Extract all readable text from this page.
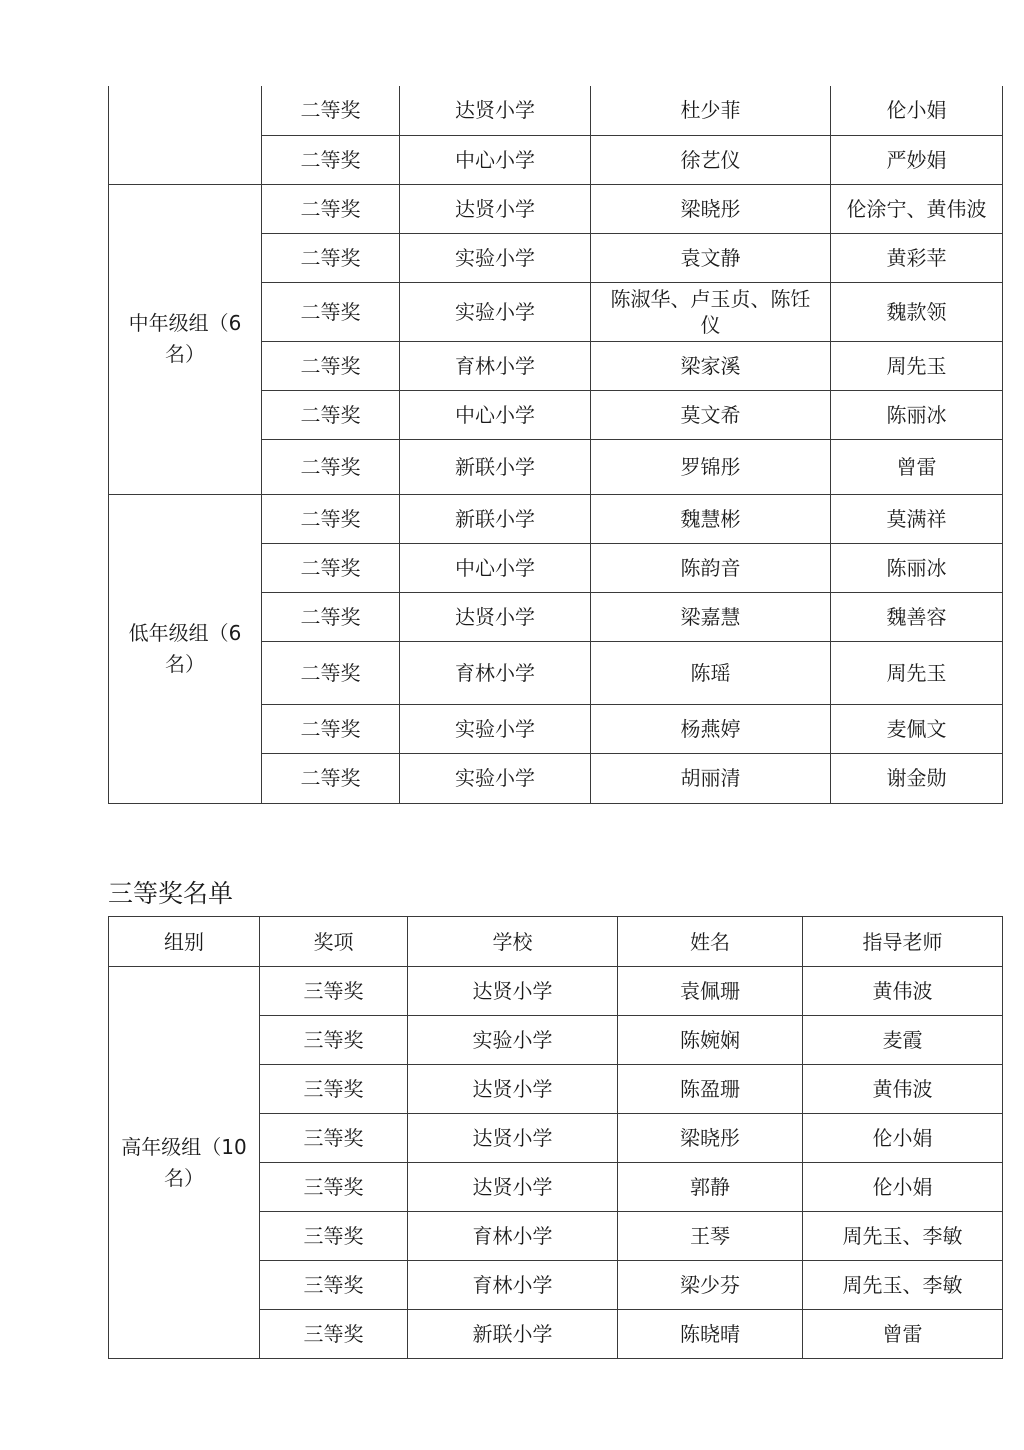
	二等奖	达贤小学	杜少菲	伦小娟
	二等奖	中心小学	徐艺仪	严妙娟
中年级组（6
名）	二等奖	达贤小学	梁晓彤	伦涂宁、黄伟波
	二等奖	实验小学	袁文静	黄彩苹
	二等奖	实验小学	陈淑华、卢玉贞、陈饪
仪	魏款领
	二等奖	育林小学	梁家溪	周先玉
	二等奖	中心小学	莫文希	陈丽冰
	二等奖	新联小学	罗锦彤	曾雷
低年级组（6
名）	二等奖	新联小学	魏慧彬	莫满祥
	二等奖	中心小学	陈韵音	陈丽冰
	二等奖	达贤小学	梁嘉慧	魏善容
	二等奖	育林小学	陈瑶	周先玉
	二等奖	实验小学	杨燕婷	麦佩文
	二等奖	实验小学	胡丽清	谢金勋
三等奖名单
组别	奖项	学校	姓名	指导老师
高年级组（10
名）	三等奖	达贤小学	袁佩珊	黄伟波
	三等奖	实验小学	陈婉娴	麦霞
	三等奖	达贤小学	陈盈珊	黄伟波
	三等奖	达贤小学	梁晓彤	伦小娟
	三等奖	达贤小学	郭静	伦小娟
	三等奖	育林小学	王琴	周先玉、李敏
	三等奖	育林小学	梁少芬	周先玉、李敏
	三等奖	新联小学	陈晓晴	曾雷
